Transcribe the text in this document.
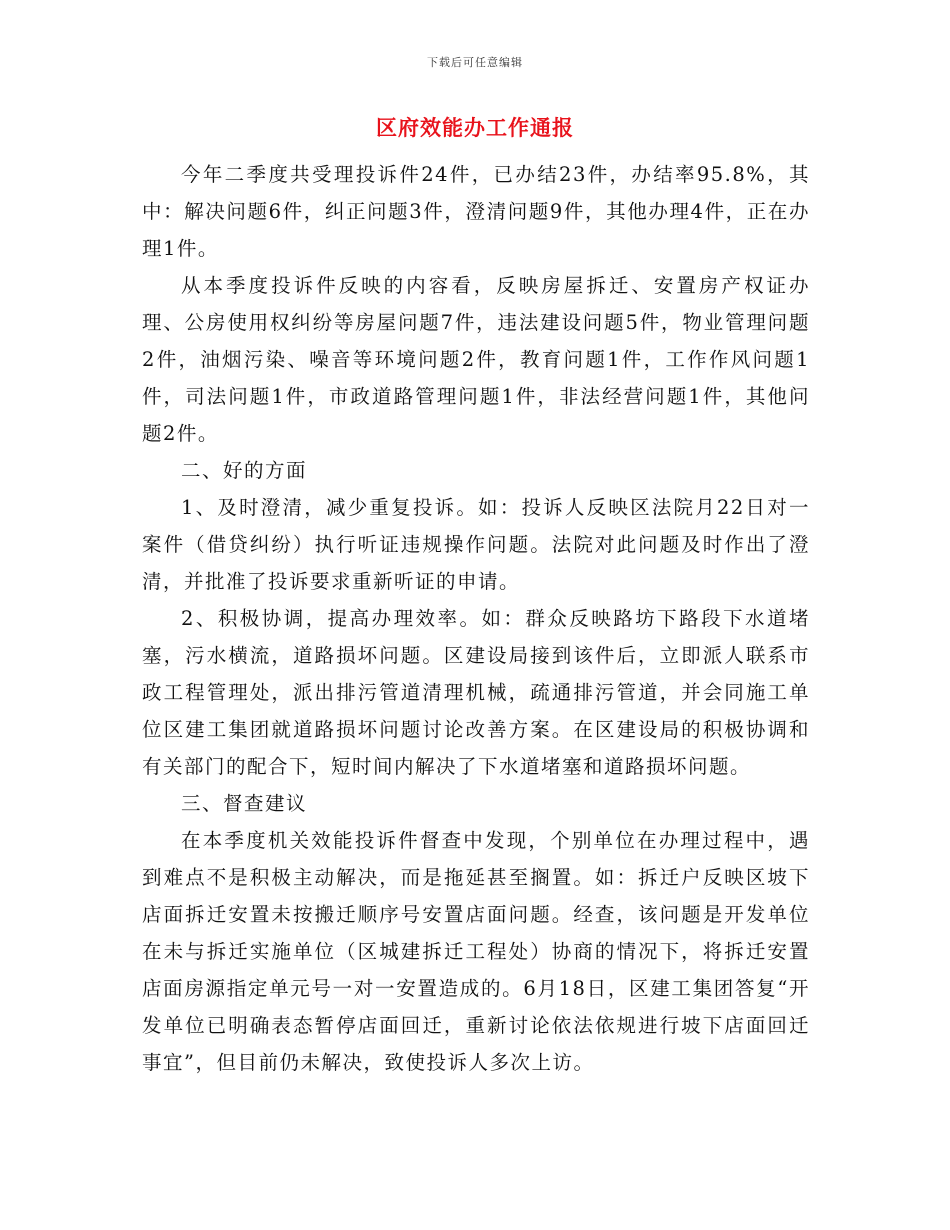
下载后可任意编辑
区府效能办工作通报

今年二季度共受理投诉件24件，已办结23件，办结率95.8%，其中：解决问题6件，纠正问题3件，澄清问题9件，其他办理4件，正在办理1件。

从本季度投诉件反映的内容看，反映房屋拆迁、安置房产权证办理、公房使用权纠纷等房屋问题7件，违法建设问题5件，物业管理问题2件，油烟污染、噪音等环境问题2件，教育问题1件，工作作风问题1件，司法问题1件，市政道路管理问题1件，非法经营问题1件，其他问题2件。

二、好的方面

1、及时澄清，减少重复投诉。如：投诉人反映区法院月22日对一案件（借贷纠纷）执行听证违规操作问题。法院对此问题及时作出了澄清，并批准了投诉要求重新听证的申请。

2、积极协调，提高办理效率。如：群众反映路坊下路段下水道堵塞，污水横流，道路损坏问题。区建设局接到该件后，立即派人联系市政工程管理处，派出排污管道清理机械，疏通排污管道，并会同施工单位区建工集团就道路损坏问题讨论改善方案。在区建设局的积极协调和有关部门的配合下，短时间内解决了下水道堵塞和道路损坏问题。

三、督查建议

在本季度机关效能投诉件督查中发现，个别单位在办理过程中，遇到难点不是积极主动解决，而是拖延甚至搁置。如：拆迁户反映区坡下店面拆迁安置未按搬迁顺序号安置店面问题。经查，该问题是开发单位在未与拆迁实施单位（区城建拆迁工程处）协商的情况下，将拆迁安置店面房源指定单元号一对一安置造成的。6月18日，区建工集团答复“开发单位已明确表态暂停店面回迁，重新讨论依法依规进行坡下店面回迁事宜”，但目前仍未解决，致使投诉人多次上访。
